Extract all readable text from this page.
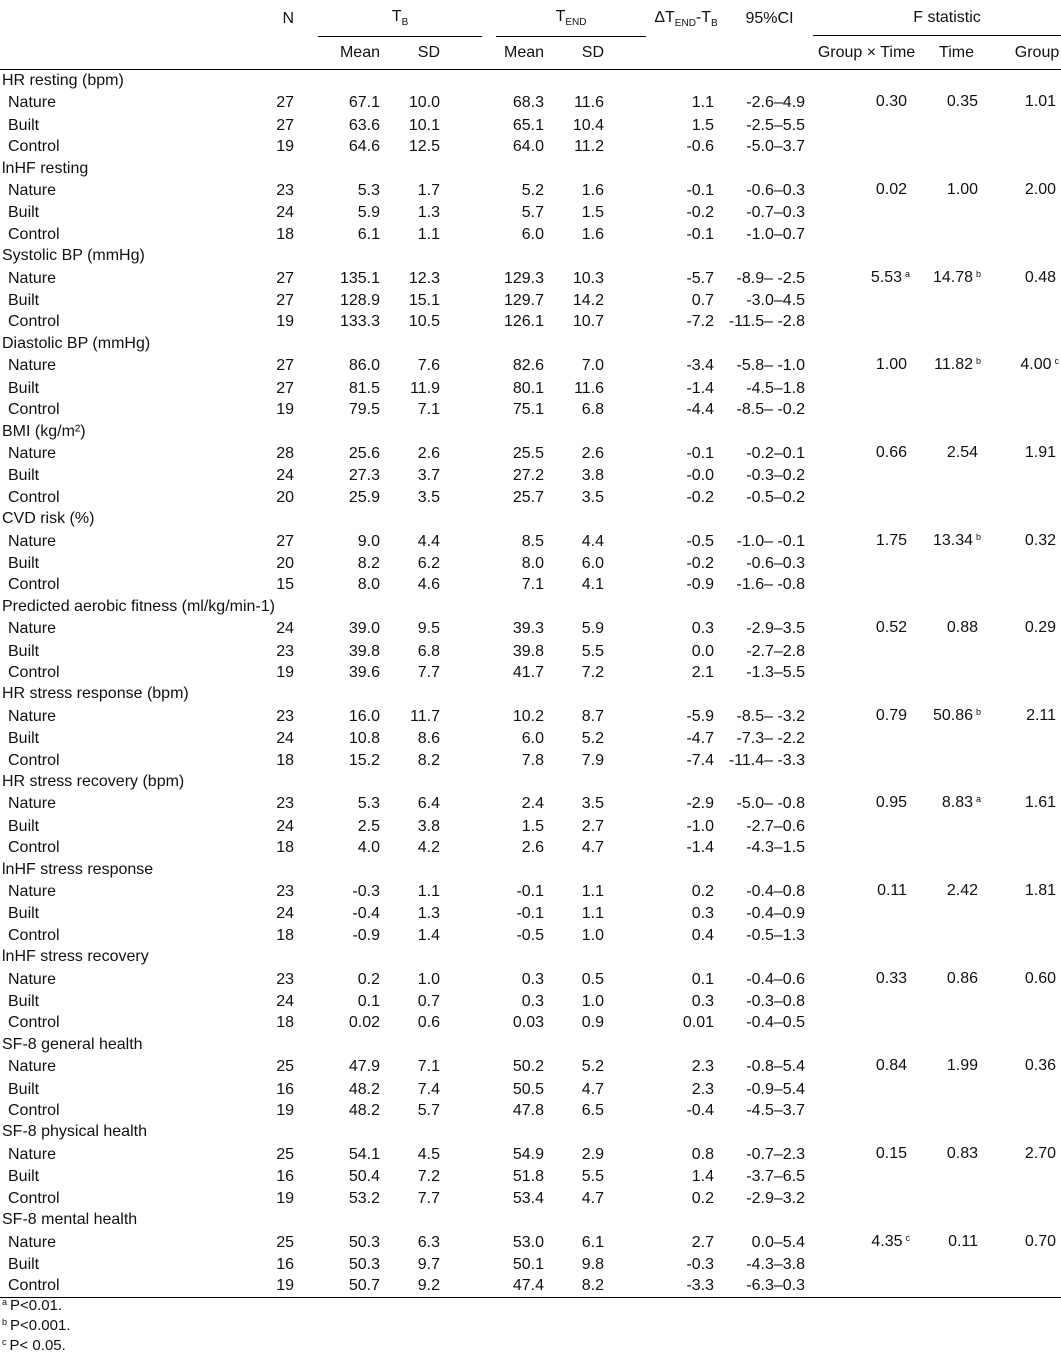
	N	$T_B$		$T_{END}$		$\Delta T_{END}-T_B$	95%CI	F statistic		

		Mean	SD	Mean	SD			Group × Time	Time	Group
HR resting (bpm)										
Nature	27	67.1	10.0	68.3	11.6	1.1	-2.6–4.9	0.30	0.35	1.01
Built	27	63.6	10.1	65.1	10.4	1.5	-2.5–5.5			
Control	19	64.6	12.5	64.0	11.2	-0.6	-5.0–3.7			
lnHF resting										
Nature	23	5.3	1.7	5.2	1.6	-0.1	-0.6–0.3	0.02	1.00	2.00
Built	24	5.9	1.3	5.7	1.5	-0.2	-0.7–0.3			
Control	18	6.1	1.1	6.0	1.6	-0.1	-1.0–0.7			
Systolic BP (mmHg)										
Nature	27	135.1	12.3	129.3	10.3	-5.7	-8.9– -2.5	5.53 $^a$	14.78 $^b$	0.48
Built	27	128.9	15.1	129.7	14.2	0.7	-3.0–4.5			
Control	19	133.3	10.5	126.1	10.7	-7.2	-11.5– -2.8			
Diastolic BP (mmHg)										
Nature	27	86.0	7.6	82.6	7.0	-3.4	-5.8– -1.0	1.00	11.82 $^b$	4.00 $^c$
Built	27	81.5	11.9	80.1	11.6	-1.4	-4.5–1.8			
Control	19	79.5	7.1	75.1	6.8	-4.4	-8.5– -0.2			
BMI (kg/m²)										
Nature	28	25.6	2.6	25.5	2.6	-0.1	-0.2–0.1	0.66	2.54	1.91
Built	24	27.3	3.7	27.2	3.8	-0.0	-0.3–0.2			
Control	20	25.9	3.5	25.7	3.5	-0.2	-0.5–0.2			
CVD risk (%)										
Nature	27	9.0	4.4	8.5	4.4	-0.5	-1.0– -0.1	1.75	13.34 $^b$	0.32
Built	20	8.2	6.2	8.0	6.0	-0.2	-0.6–0.3			
Control	15	8.0	4.6	7.1	4.1	-0.9	-1.6– -0.8			
Predicted aerobic fitness (ml/kg/min-1)										
Nature	24	39.0	9.5	39.3	5.9	0.3	-2.9–3.5	0.52	0.88	0.29
Built	23	39.8	6.8	39.8	5.5	0.0	-2.7–2.8			
Control	19	39.6	7.7	41.7	7.2	2.1	-1.3–5.5			
HR stress response (bpm)										
Nature	23	16.0	11.7	10.2	8.7	-5.9	-8.5– -3.2	0.79	50.86 $^b$	2.11
Built	24	10.8	8.6	6.0	5.2	-4.7	-7.3– -2.2			
Control	18	15.2	8.2	7.8	7.9	-7.4	-11.4– -3.3			
HR stress recovery (bpm)										
Nature	23	5.3	6.4	2.4	3.5	-2.9	-5.0– -0.8	0.95	8.83 $^a$	1.61
Built	24	2.5	3.8	1.5	2.7	-1.0	-2.7–0.6			
Control	18	4.0	4.2	2.6	4.7	-1.4	-4.3–1.5			
lnHF stress response										
Nature	23	-0.3	1.1	-0.1	1.1	0.2	-0.4–0.8	0.11	2.42	1.81
Built	24	-0.4	1.3	-0.1	1.1	0.3	-0.4–0.9			
Control	18	-0.9	1.4	-0.5	1.0	0.4	-0.5–1.3			
lnHF stress recovery										
Nature	23	0.2	1.0	0.3	0.5	0.1	-0.4–0.6	0.33	0.86	0.60
Built	24	0.1	0.7	0.3	1.0	0.3	-0.3–0.8			
Control	18	0.02	0.6	0.03	0.9	0.01	-0.4–0.5			
SF-8 general health										
Nature	25	47.9	7.1	50.2	5.2	2.3	-0.8–5.4	0.84	1.99	0.36
Built	16	48.2	7.4	50.5	4.7	2.3	-0.9–5.4			
Control	19	48.2	5.7	47.8	6.5	-0.4	-4.5–3.7			
SF-8 physical health										
Nature	25	54.1	4.5	54.9	2.9	0.8	-0.7–2.3	0.15	0.83	2.70
Built	16	50.4	7.2	51.8	5.5	1.4	-3.7–6.5			
Control	19	53.2	7.7	53.4	4.7	0.2	-2.9–3.2			
SF-8 mental health										
Nature	25	50.3	6.3	53.0	6.1	2.7	0.0–5.4	4.35 $^c$	0.11	0.70
Built	16	50.3	9.7	50.1	9.8	-0.3	-4.3–3.8			
Control	19	50.7	9.2	47.4	8.2	-3.3	-6.3–0.3			
$^a$ P<0.01.
$^b$ P<0.001.
$^c$ P< 0.05.
